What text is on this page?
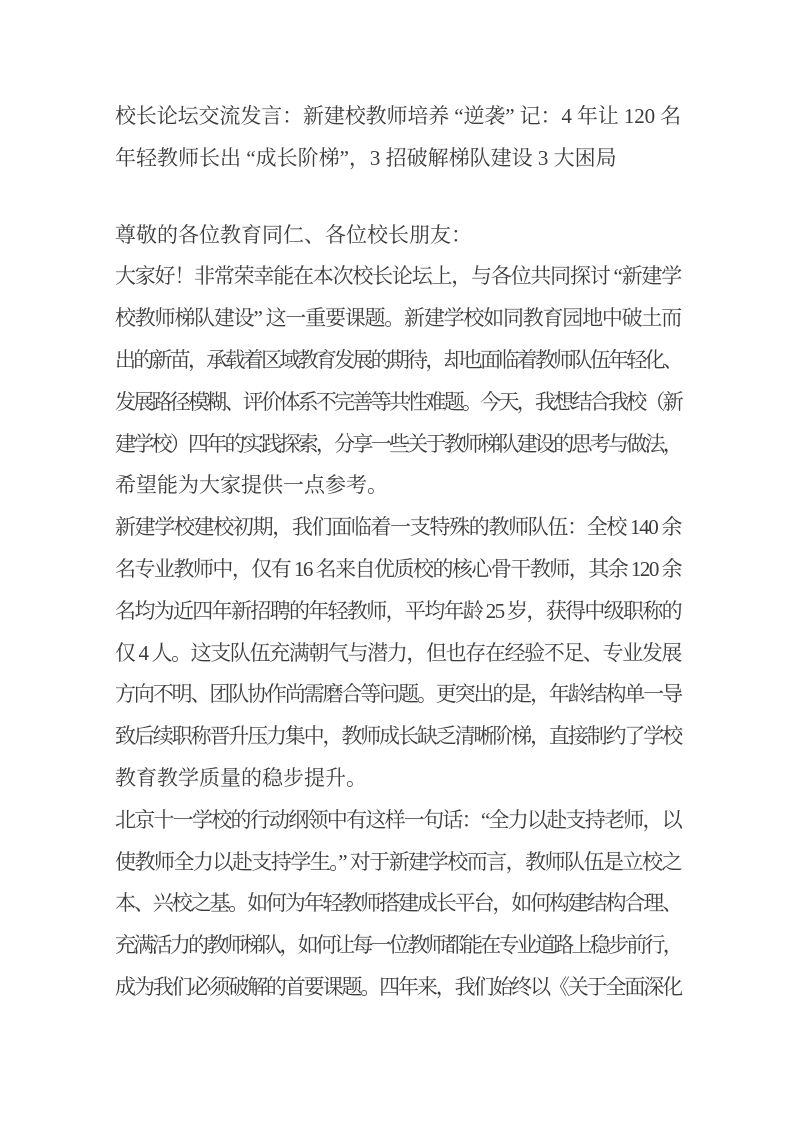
校长论坛交流发言：新建校教师培养 “逆袭” 记：4 年让 120 名
年轻教师长出 “成长阶梯”，3 招破解梯队建设 3 大困局

尊敬的各位教育同仁、各位校长朋友：

大家好！非常荣幸能在本次校长论坛上，与各位共同探讨 “新建学
校教师梯队建设” 这一重要课题。新建学校如同教育园地中破土而
出的新苗，承载着区域教育发展的期待，却也面临着教师队伍年轻化、
发展路径模糊、评价体系不完善等共性难题。今天，我想结合我校（新
建学校）四年的实践探索，分享一些关于教师梯队建设的思考与做法，
希望能为大家提供一点参考。

新建学校建校初期，我们面临着一支特殊的教师队伍：全校 140 余
名专业教师中，仅有 16 名来自优质校的核心骨干教师，其余 120 余
名均为近四年新招聘的年轻教师，平均年龄 25 岁，获得中级职称的
仅 4 人。这支队伍充满朝气与潜力，但也存在经验不足、专业发展
方向不明、团队协作尚需磨合等问题。更突出的是，年龄结构单一导
致后续职称晋升压力集中，教师成长缺乏清晰阶梯，直接制约了学校
教育教学质量的稳步提升。

北京十一学校的行动纲领中有这样一句话：“全力以赴支持老师，以
使教师全力以赴支持学生。” 对于新建学校而言，教师队伍是立校之
本、兴校之基。如何为年轻教师搭建成长平台，如何构建结构合理、
充满活力的教师梯队，如何让每一位教师都能在专业道路上稳步前行，
成为我们必须破解的首要课题。四年来，我们始终以《关于全面深化
